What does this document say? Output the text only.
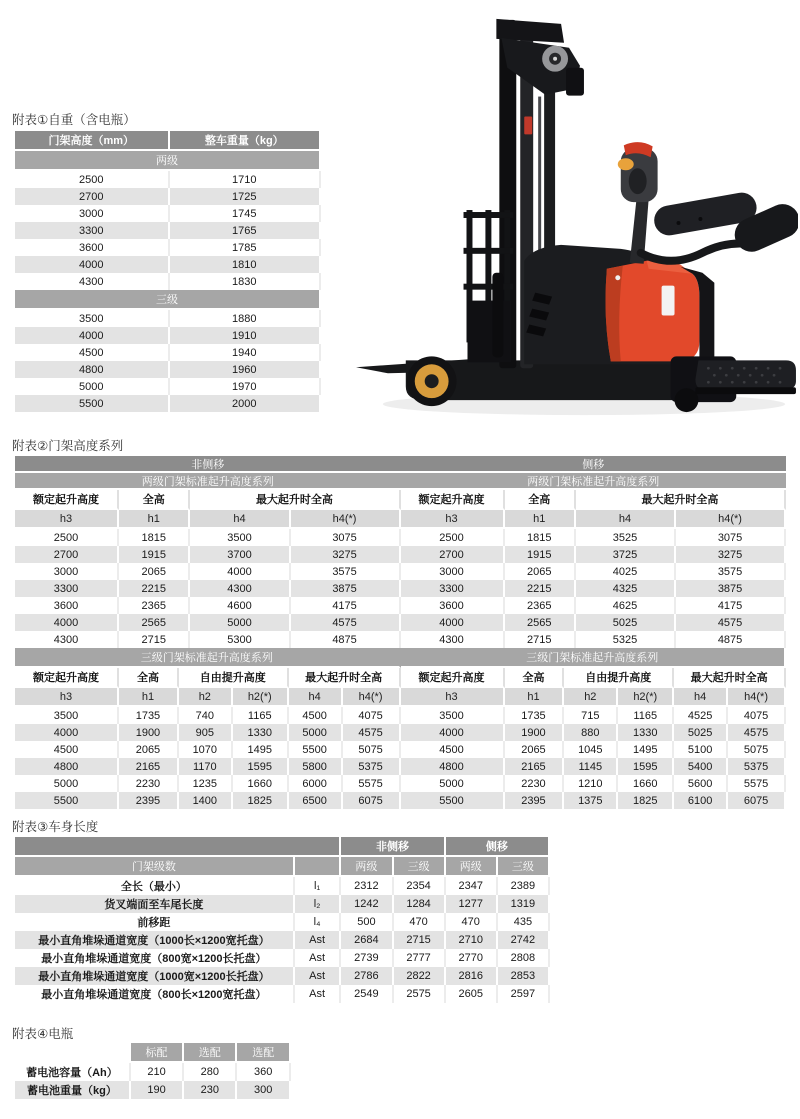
附表①自重（含电瓶）
门架高度（mm）	整车重量（kg）
两级	
2500	1710
2700	1725
3000	1745
3300	1765
3600	1785
4000	1810
4300	1830
三级	
3500	1880
4000	1910
4500	1940
4800	1960
5000	1970
5500	2000
附表②门架高度系列
非侧移	侧移
两级门架标准起升高度系列	两级门架标准起升高度系列
额定起升高度	全高	最大起升时全高	
h3	h1	h4	h4(*)
2500	1815	3500	3075
2700	1915	3700	3275
3000	2065	4000	3575
3300	2215	4300	3875
3600	2365	4600	4175
4000	2565	5000	4575
4300	2715	5300	4875
三级门架标准起升高度系列					
额定起升高度	全高	自由提升高度		最大起升时全高	
h3	h1	h2	h2(*)	h4	h4(*)
3500	1735	740	1165	4500	4075
4000	1900	905	1330	5000	4575
4500	2065	1070	1495	5500	5075
4800	2165	1170	1595	5800	5375
5000	2230	1235	1660	6000	5575
5500	2395	1400	1825	6500	6075
额定起升高度	全高	最大起升时全高	
h3	h1	h4	h4(*)
2500	1815	3525	3075
2700	1915	3725	3275
3000	2065	4025	3575
3300	2215	4325	3875
3600	2365	4625	4175
4000	2565	5025	4575
4300	2715	5325	4875
三级门架标准起升高度系列					
额定起升高度	全高	自由提升高度		最大起升时全高	
h3	h1	h2	h2(*)	h4	h4(*)
3500	1735	715	1165	4525	4075
4000	1900	880	1330	5025	4575
4500	2065	1045	1495	5100	5075
4800	2165	1145	1595	5400	5375
5000	2230	1210	1660	5600	5575
5500	2395	1375	1825	6100	6075
附表③车身长度
		非侧移		侧移	
门架级数		两级	三级	两级	三级
全长（最小）	l₁	2312	2354	2347	2389
货叉端面至车尾长度	l₂	1242	1284	1277	1319
前移距	l₄	500	470	470	435
最小直角堆垛通道宽度（1000长×1200宽托盘）	Ast	2684	2715	2710	2742
最小直角堆垛通道宽度（800宽×1200长托盘）	Ast	2739	2777	2770	2808
最小直角堆垛通道宽度（1000宽×1200长托盘）	Ast	2786	2822	2816	2853
最小直角堆垛通道宽度（800长×1200宽托盘）	Ast	2549	2575	2605	2597
附表④电瓶
	标配	选配	选配
蓄电池容量（Ah）	210	280	360
蓄电池重量（kg）	190	230	300
